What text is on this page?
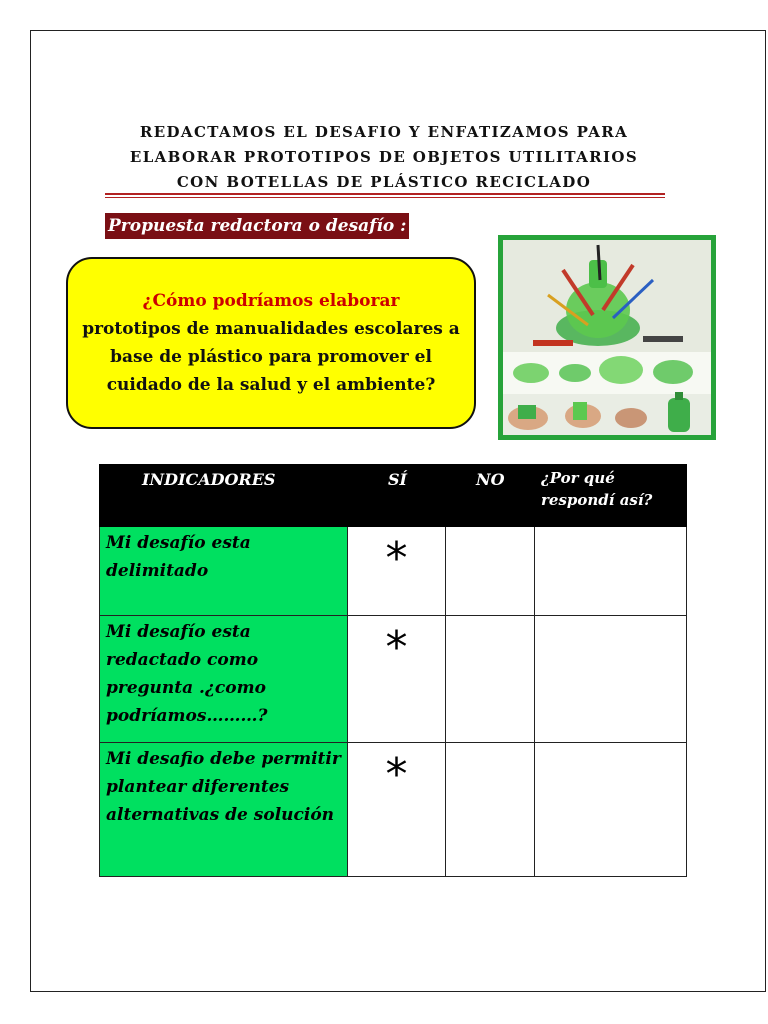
REDACTAMOS EL DESAFIO Y ENFATIZAMOS PARA
ELABORAR PROTOTIPOS DE OBJETOS UTILITARIOS
CON BOTELLAS DE PLÁSTICO RECICLADO
Propuesta redactora o desafío :
¿Cómo podríamos elaborar
prototipos de manualidades escolares a base de plástico para promover el cuidado de la salud y el ambiente?
INDICADORES	SÍ	NO	¿Por qué respondí así?
Mi desafío esta delimitado	*		
Mi desafío esta redactado como pregunta .¿como podríamos………?	*		
Mi desafio debe permitir plantear diferentes alternativas de solución	*		
